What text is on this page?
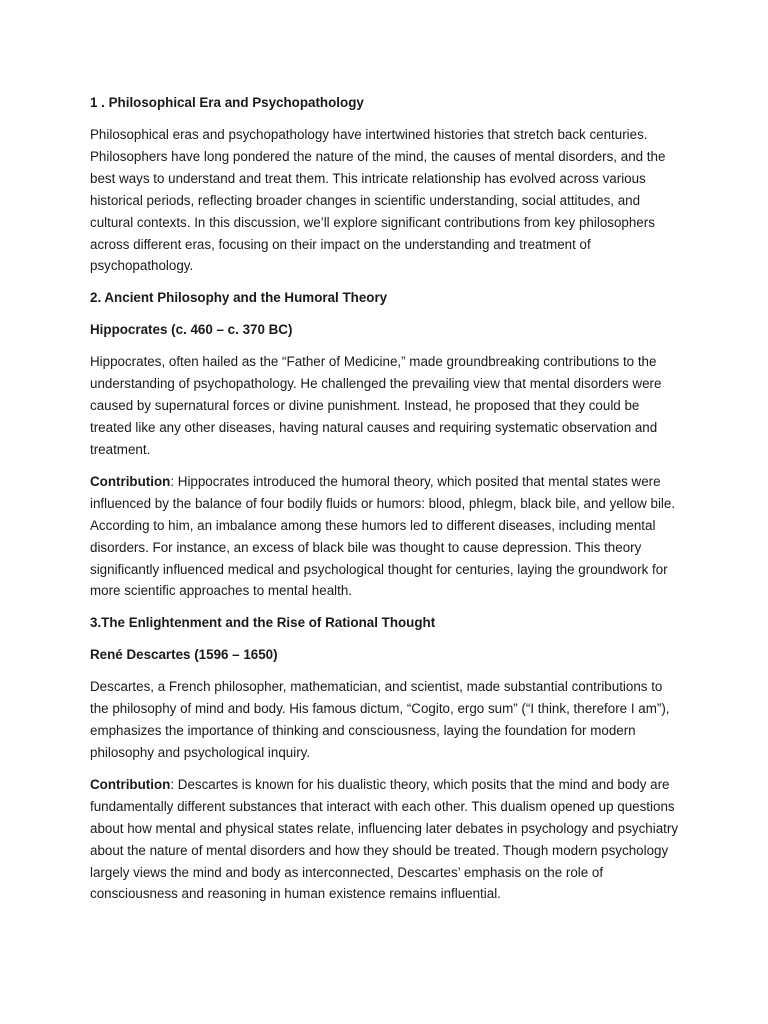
1 . Philosophical Era and Psychopathology

Philosophical eras and psychopathology have intertwined histories that stretch back centuries. Philosophers have long pondered the nature of the mind, the causes of mental disorders, and the best ways to understand and treat them. This intricate relationship has evolved across various historical periods, reflecting broader changes in scientific understanding, social attitudes, and cultural contexts. In this discussion, we’ll explore significant contributions from key philosophers across different eras, focusing on their impact on the understanding and treatment of psychopathology.

2. Ancient Philosophy and the Humoral Theory
Hippocrates (c. 460 – c. 370 BC)

Hippocrates, often hailed as the “Father of Medicine,” made groundbreaking contributions to the understanding of psychopathology. He challenged the prevailing view that mental disorders were caused by supernatural forces or divine punishment. Instead, he proposed that they could be treated like any other diseases, having natural causes and requiring systematic observation and treatment.

Contribution: Hippocrates introduced the humoral theory, which posited that mental states were influenced by the balance of four bodily fluids or humors: blood, phlegm, black bile, and yellow bile. According to him, an imbalance among these humors led to different diseases, including mental disorders. For instance, an excess of black bile was thought to cause depression. This theory significantly influenced medical and psychological thought for centuries, laying the groundwork for more scientific approaches to mental health.

3.The Enlightenment and the Rise of Rational Thought
René Descartes (1596 – 1650)

Descartes, a French philosopher, mathematician, and scientist, made substantial contributions to the philosophy of mind and body. His famous dictum, “Cogito, ergo sum” (“I think, therefore I am”), emphasizes the importance of thinking and consciousness, laying the foundation for modern philosophy and psychological inquiry.

Contribution: Descartes is known for his dualistic theory, which posits that the mind and body are fundamentally different substances that interact with each other. This dualism opened up questions about how mental and physical states relate, influencing later debates in psychology and psychiatry about the nature of mental disorders and how they should be treated. Though modern psychology largely views the mind and body as interconnected, Descartes’ emphasis on the role of consciousness and reasoning in human existence remains influential.
